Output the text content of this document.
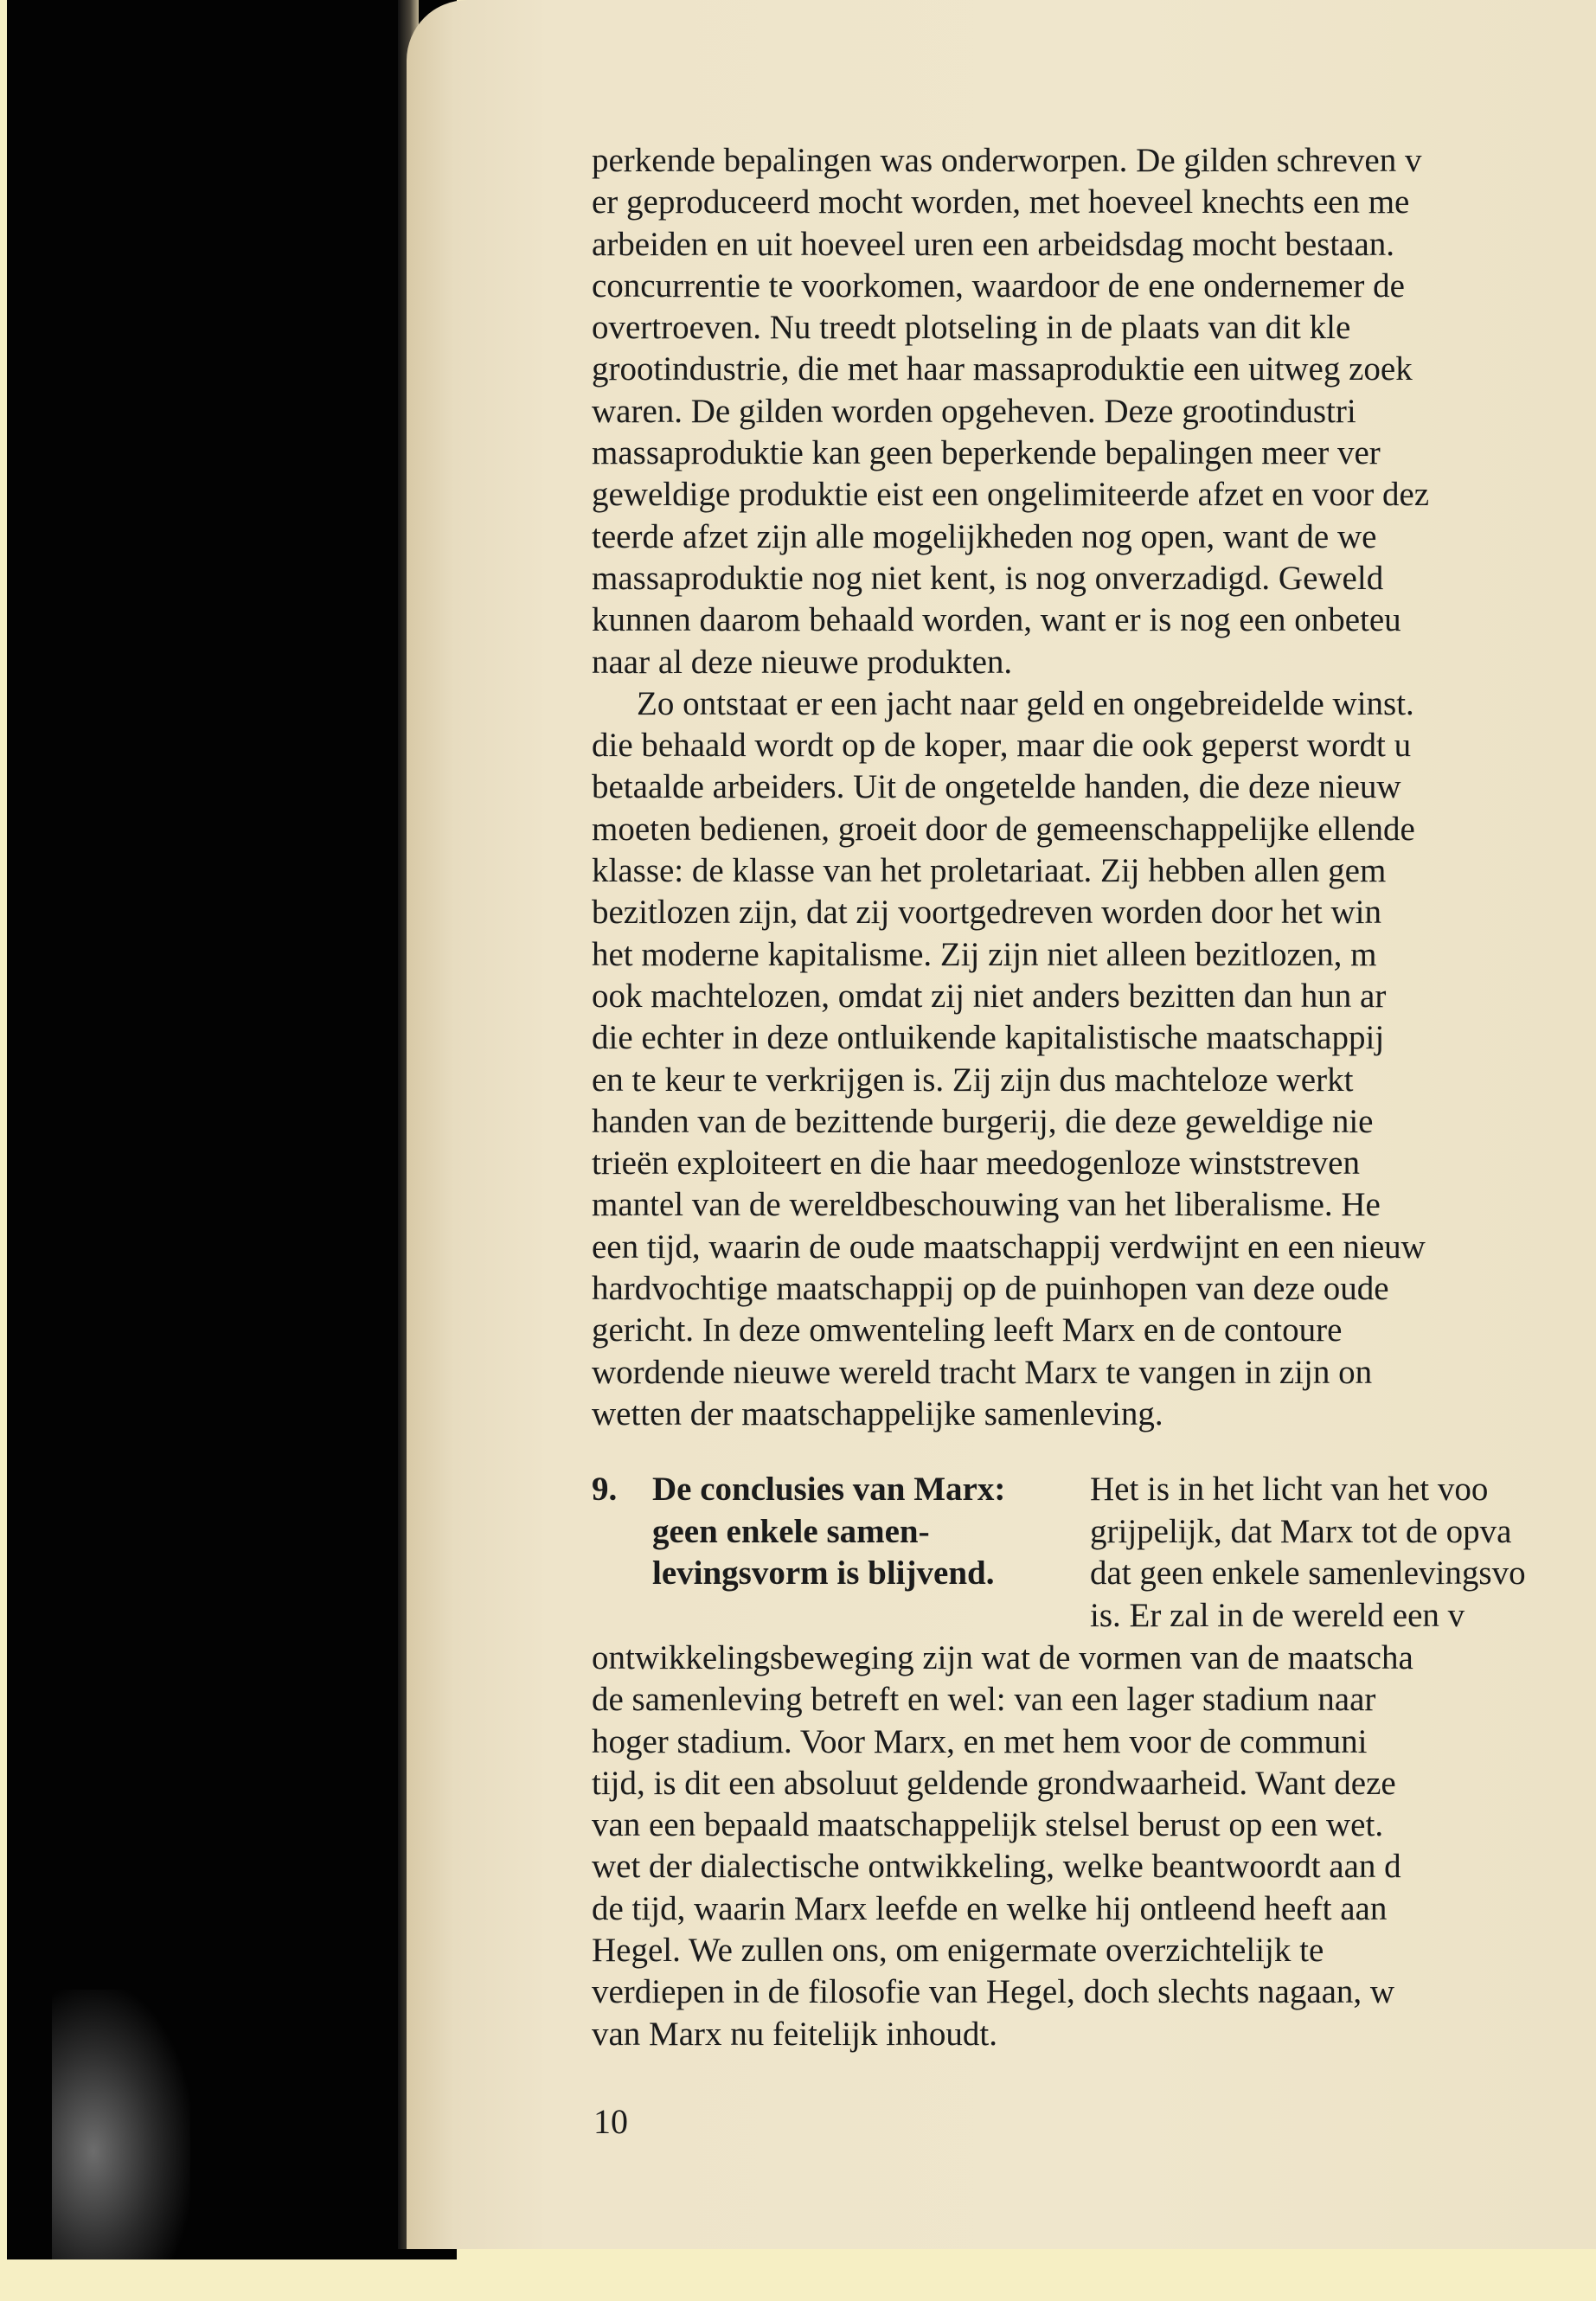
perkende bepalingen was onderworpen. De gilden schreven v
er geproduceerd mocht worden, met hoeveel knechts een me
arbeiden en uit hoeveel uren een arbeidsdag mocht bestaan.
concurrentie te voorkomen, waardoor de ene ondernemer de
overtroeven. Nu treedt plotseling in de plaats van dit kle
grootindustrie, die met haar massaproduktie een uitweg zoek
waren. De gilden worden opgeheven. Deze grootindustri
massaproduktie kan geen beperkende bepalingen meer ver
geweldige produktie eist een ongelimiteerde afzet en voor dez
teerde afzet zijn alle mogelijkheden nog open, want de we
massaproduktie nog niet kent, is nog onverzadigd. Geweld
kunnen daarom behaald worden, want er is nog een onbeteu
naar al deze nieuwe produkten.
Zo ontstaat er een jacht naar geld en ongebreidelde winst.
die behaald wordt op de koper, maar die ook geperst wordt u
betaalde arbeiders. Uit de ongetelde handen, die deze nieuw
moeten bedienen, groeit door de gemeenschappelijke ellende
klasse: de klasse van het proletariaat. Zij hebben allen gem
bezitlozen zijn, dat zij voortgedreven worden door het win
het moderne kapitalisme. Zij zijn niet alleen bezitlozen, m
ook machtelozen, omdat zij niet anders bezitten dan hun ar
die echter in deze ontluikende kapitalistische maatschappij
en te keur te verkrijgen is. Zij zijn dus machteloze werkt
handen van de bezittende burgerij, die deze geweldige nie
trieën exploiteert en die haar meedogenloze winststreven
mantel van de wereldbeschouwing van het liberalisme. He
een tijd, waarin de oude maatschappij verdwijnt en een nieuw
hardvochtige maatschappij op de puinhopen van deze oude
gericht. In deze omwenteling leeft Marx en de contoure
wordende nieuwe wereld tracht Marx te vangen in zijn on
wetten der maatschappelijke samenleving.
9. De conclusies van Marx:
geen enkele samen-
levingsvorm is blijvend.
Het is in het licht van het voo
grijpelijk, dat Marx tot de opva
dat geen enkele samenlevingsvo
is. Er zal in de wereld een v
ontwikkelingsbeweging zijn wat de vormen van de maatscha
de samenleving betreft en wel: van een lager stadium naar
hoger stadium. Voor Marx, en met hem voor de communi
tijd, is dit een absoluut geldende grondwaarheid. Want deze
van een bepaald maatschappelijk stelsel berust op een wet.
wet der dialectische ontwikkeling, welke beantwoordt aan d
de tijd, waarin Marx leefde en welke hij ontleend heeft aan
Hegel. We zullen ons, om enigermate overzichtelijk te
verdiepen in de filosofie van Hegel, doch slechts nagaan, w
van Marx nu feitelijk inhoudt.
10
